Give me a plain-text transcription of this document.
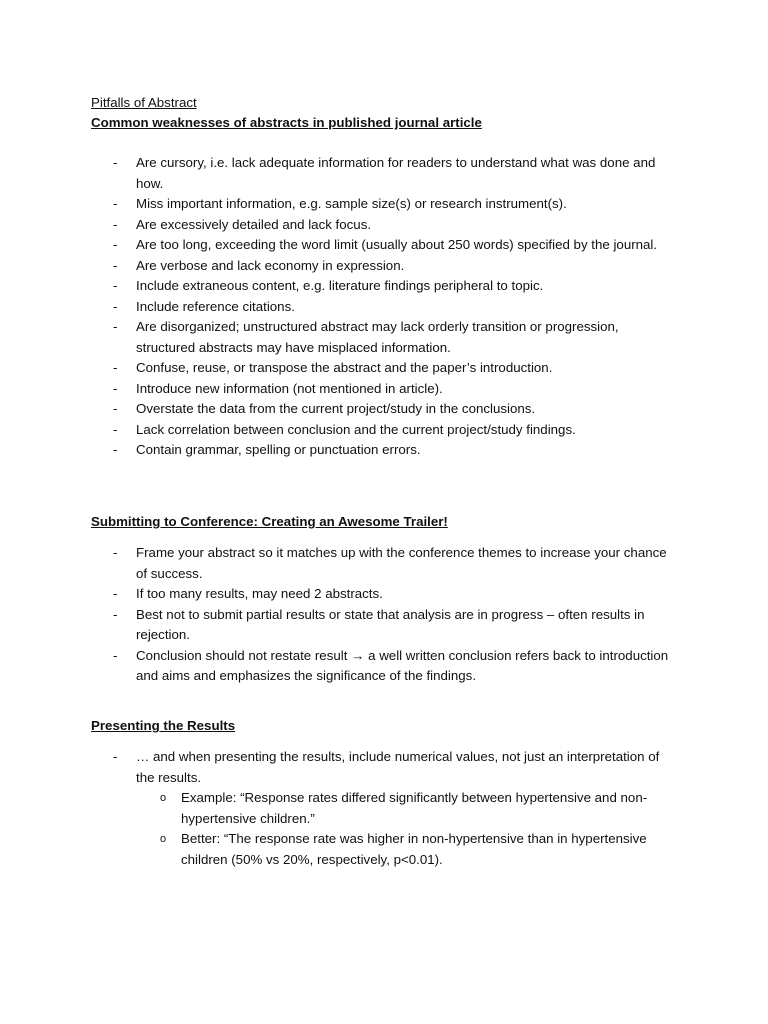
Pitfalls of Abstract
Common weaknesses of abstracts in published journal article
- Are cursory, i.e. lack adequate information for readers to understand what was done and how.
- Miss important information, e.g. sample size(s) or research instrument(s).
- Are excessively detailed and lack focus.
- Are too long, exceeding the word limit (usually about 250 words) specified by the journal.
- Are verbose and lack economy in expression.
- Include extraneous content, e.g. literature findings peripheral to topic.
- Include reference citations.
- Are disorganized; unstructured abstract may lack orderly transition or progression, structured abstracts may have misplaced information.
- Confuse, reuse, or transpose the abstract and the paper’s introduction.
- Introduce new information (not mentioned in article).
- Overstate the data from the current project/study in the conclusions.
- Lack correlation between conclusion and the current project/study findings.
- Contain grammar, spelling or punctuation errors.
Submitting to Conference: Creating an Awesome Trailer!
- Frame your abstract so it matches up with the conference themes to increase your chance of success.
- If too many results, may need 2 abstracts.
- Best not to submit partial results or state that analysis are in progress – often results in rejection.
- Conclusion should not restate result → a well written conclusion refers back to introduction and aims and emphasizes the significance of the findings.
Presenting the Results
- … and when presenting the results, include numerical values, not just an interpretation of the results.
o Example: “Response rates differed significantly between hypertensive and non-hypertensive children.”
o Better: “The response rate was higher in non-hypertensive than in hypertensive children (50% vs 20%, respectively, p<0.01).
